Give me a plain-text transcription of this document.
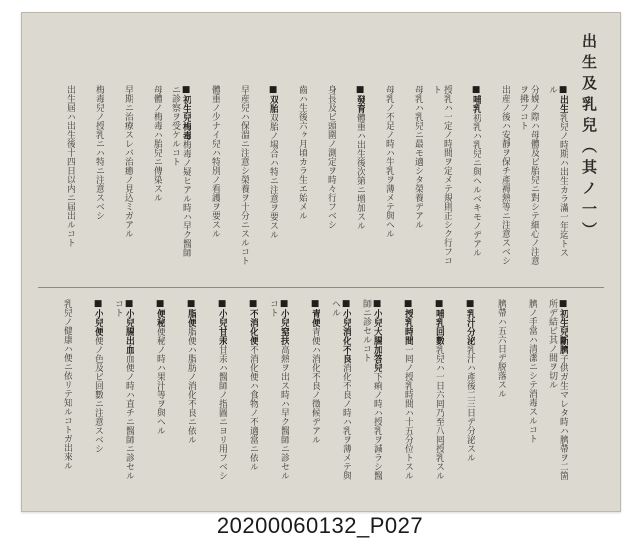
出生及乳兒（其ノ一）
■出生乳兒ノ時期ハ出生カラ滿一年迄トスル
分娩ノ際ハ母體及ビ胎兒ニ對シテ細心ノ注意ヲ拂フコト
出産ノ後ハ安靜ヲ保チ產褥熱等ニ注意スベシ
■哺乳初乳ハ乳兒ニ與ヘルベキモノデアル
授乳ハ一定ノ時間ヲ定メテ規則正シク行フコト
母乳ハ乳兒ニ最モ適シタ榮養デアル
母乳ノ不足ノ時ハ牛乳ヲ薄メテ與ヘル
■發育體重ハ出生後次第ニ增加スル
身長及ビ頭圍ノ測定ヲ時々行フベシ
齒ハ生後六ヶ月頃カラ生エ始メル
■双胎双胎ノ場合ハ特ニ注意ヲ要スル
早産兒ハ保溫ニ注意シ榮養ヲ十分ニスルコト
體重ノ少ナイ兒ハ特別ノ看護ヲ要スル
■初生兒梅毒梅毒ノ疑ヒアル時ハ早ク醫師ニ診察ヲ受ケルコト
母體ノ梅毒ハ胎兒ニ傳染スル
早期ニ治療スレバ治癒ノ見込ミガアル
梅毒兒ノ授乳ニハ特ニ注意スベシ
出生屆ハ出生後十四日以内ニ届出ルコト
■初生兒斷臍子供ガ生マレタ時ハ臍帶ヲ二箇所デ結ビ其ノ間ヲ切ル
臍ノ手當ハ清潔ニシテ消毒スルコト
臍帶ハ五六日デ脱落スル
■乳汁分泌乳汁ハ產後二三日デ分泌スル
■哺乳回數乳兒ハ一日六囘乃至八囘授乳スル
■授乳時間一囘ノ授乳時間ハ十五分位トスル
■小兒大腸加答兒下痢ノ時ハ授乳ヲ減ラシ醫師ニ診セルコト
■小兒消化不良消化不良ノ時ハ乳ヲ薄メテ與ヘル
■青便青便ハ消化不良ノ徵候デアル
■小兒窒扶高熱ヲ出ス時ハ早ク醫師ニ診セルコト
■不消化便不消化便ハ食物ノ不適當ニ依ル
■小兒甘汞甘汞ハ醫師ノ指圖ニヨリ用フベシ
■脂便脂便ハ脂肪ノ消化不良ニ依ル
■便秘便秘ノ時ハ果汁等ヲ與ヘル
■小兒腸出血血便ノ時ハ直チニ醫師ニ診セルコト
■小兒便便ノ色及ビ回數ニ注意スベシ
乳兒ノ健康ハ便ニ依リテ知ルコトガ出來ル
20200060132_P027
